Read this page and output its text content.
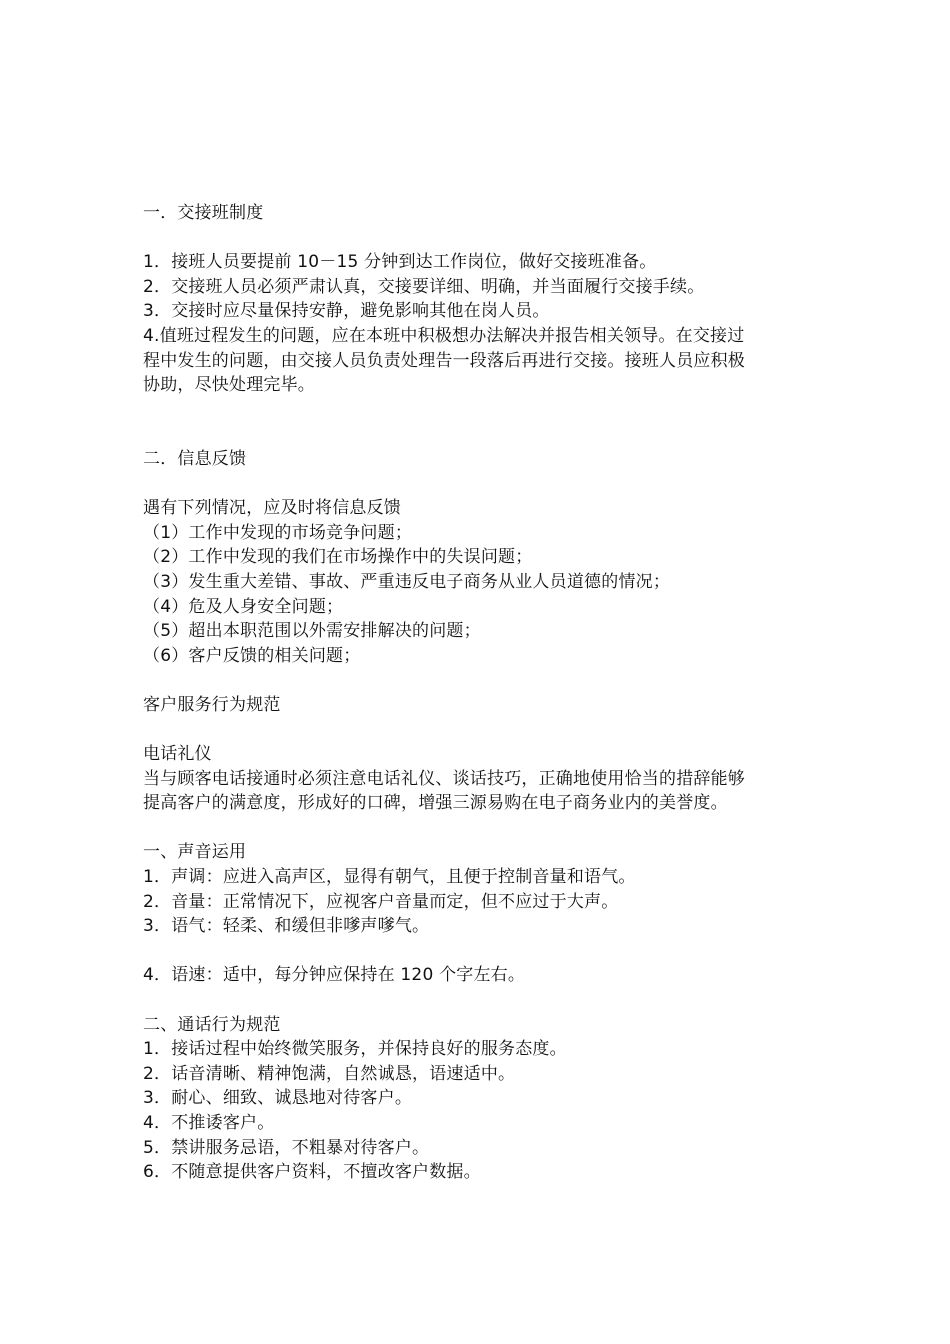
一．交接班制度
1．接班人员要提前 10－15 分钟到达工作岗位，做好交接班准备。
2．交接班人员必须严肃认真，交接要详细、明确，并当面履行交接手续。
3．交接时应尽量保持安静，避免影响其他在岗人员。
4.值班过程发生的问题，应在本班中积极想办法解决并报告相关领导。在交接过
程中发生的问题，由交接人员负责处理告一段落后再进行交接。接班人员应积极
协助，尽快处理完毕。
二．信息反馈
遇有下列情况，应及时将信息反馈
（1）工作中发现的市场竞争问题；
（2）工作中发现的我们在市场操作中的失误问题；
（3）发生重大差错、事故、严重违反电子商务从业人员道德的情况；
（4）危及人身安全问题；
（5）超出本职范围以外需安排解决的问题；
（6）客户反馈的相关问题；
客户服务行为规范
电话礼仪
当与顾客电话接通时必须注意电话礼仪、谈话技巧，正确地使用恰当的措辞能够
提高客户的满意度，形成好的口碑，增强三源易购在电子商务业内的美誉度。
一、声音运用
1．声调：应进入高声区，显得有朝气，且便于控制音量和语气。
2．音量：正常情况下，应视客户音量而定，但不应过于大声。
3．语气：轻柔、和缓但非嗲声嗲气。
4．语速：适中，每分钟应保持在 120 个字左右。
二、通话行为规范
1．接话过程中始终微笑服务，并保持良好的服务态度。
2．话音清晰、精神饱满，自然诚恳，语速适中。
3．耐心、细致、诚恳地对待客户。
4．不推诿客户。
5．禁讲服务忌语，不粗暴对待客户。
6．不随意提供客户资料，不擅改客户数据。
